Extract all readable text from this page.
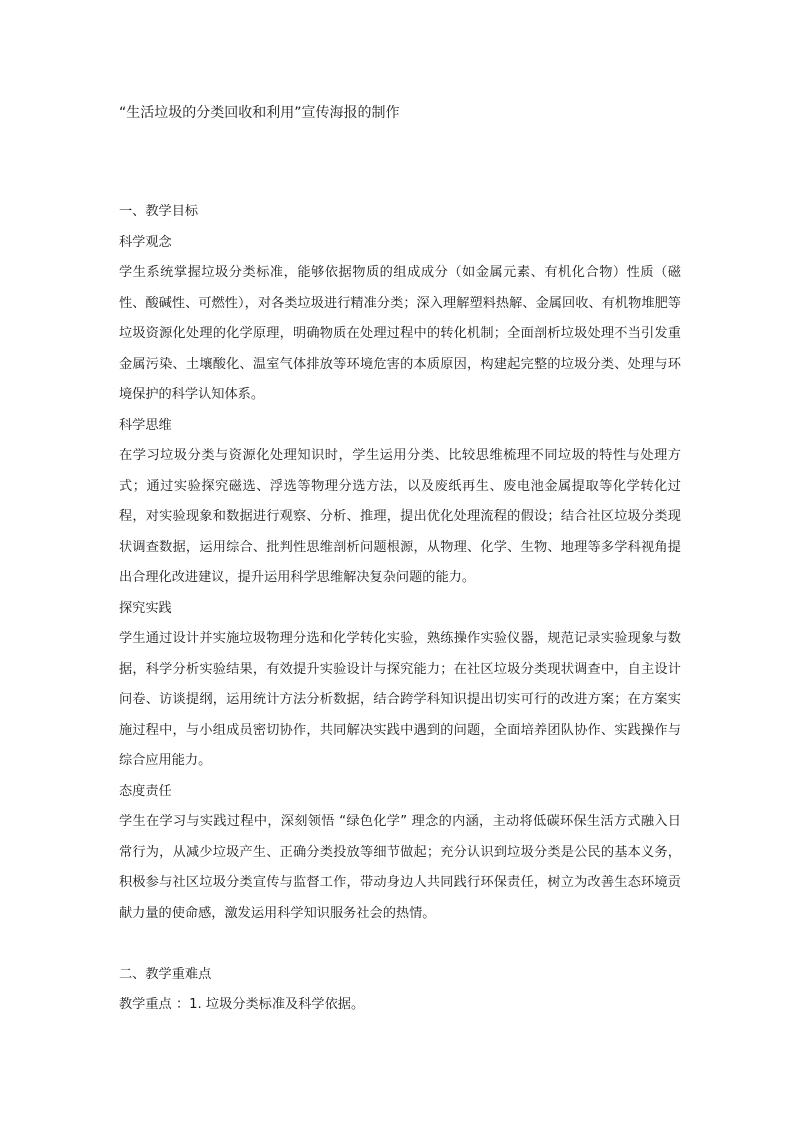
“生活垃圾的分类回收和利用”宣传海报的制作
一、教学目标
科学观念

学生系统掌握垃圾分类标准，能够依据物质的组成成分（如金属元素、有机化合物）性质（磁性、酸碱性、可燃性），对各类垃圾进行精准分类；深入理解塑料热解、金属回收、有机物堆肥等垃圾资源化处理的化学原理，明确物质在处理过程中的转化机制；全面剖析垃圾处理不当引发重金属污染、土壤酸化、温室气体排放等环境危害的本质原因，构建起完整的垃圾分类、处理与环境保护的科学认知体系。

科学思维

在学习垃圾分类与资源化处理知识时，学生运用分类、比较思维梳理不同垃圾的特性与处理方式；通过实验探究磁选、浮选等物理分选方法，以及废纸再生、废电池金属提取等化学转化过程，对实验现象和数据进行观察、分析、推理，提出优化处理流程的假设；结合社区垃圾分类现状调查数据，运用综合、批判性思维剖析问题根源，从物理、化学、生物、地理等多学科视角提出合理化改进建议，提升运用科学思维解决复杂问题的能力。

探究实践

学生通过设计并实施垃圾物理分选和化学转化实验，熟练操作实验仪器，规范记录实验现象与数据，科学分析实验结果，有效提升实验设计与探究能力；在社区垃圾分类现状调查中，自主设计问卷、访谈提纲，运用统计方法分析数据，结合跨学科知识提出切实可行的改进方案；在方案实施过程中，与小组成员密切协作，共同解决实践中遇到的问题，全面培养团队协作、实践操作与综合应用能力。

态度责任

学生在学习与实践过程中，深刻领悟 “绿色化学” 理念的内涵，主动将低碳环保生活方式融入日常行为，从减少垃圾产生、正确分类投放等细节做起；充分认识到垃圾分类是公民的基本义务，积极参与社区垃圾分类宣传与监督工作，带动身边人共同践行环保责任，树立为改善生态环境贡献力量的使命感，激发运用科学知识服务社会的热情。

二、教学重难点
教学重点 ：1. 垃圾分类标准及科学依据。
